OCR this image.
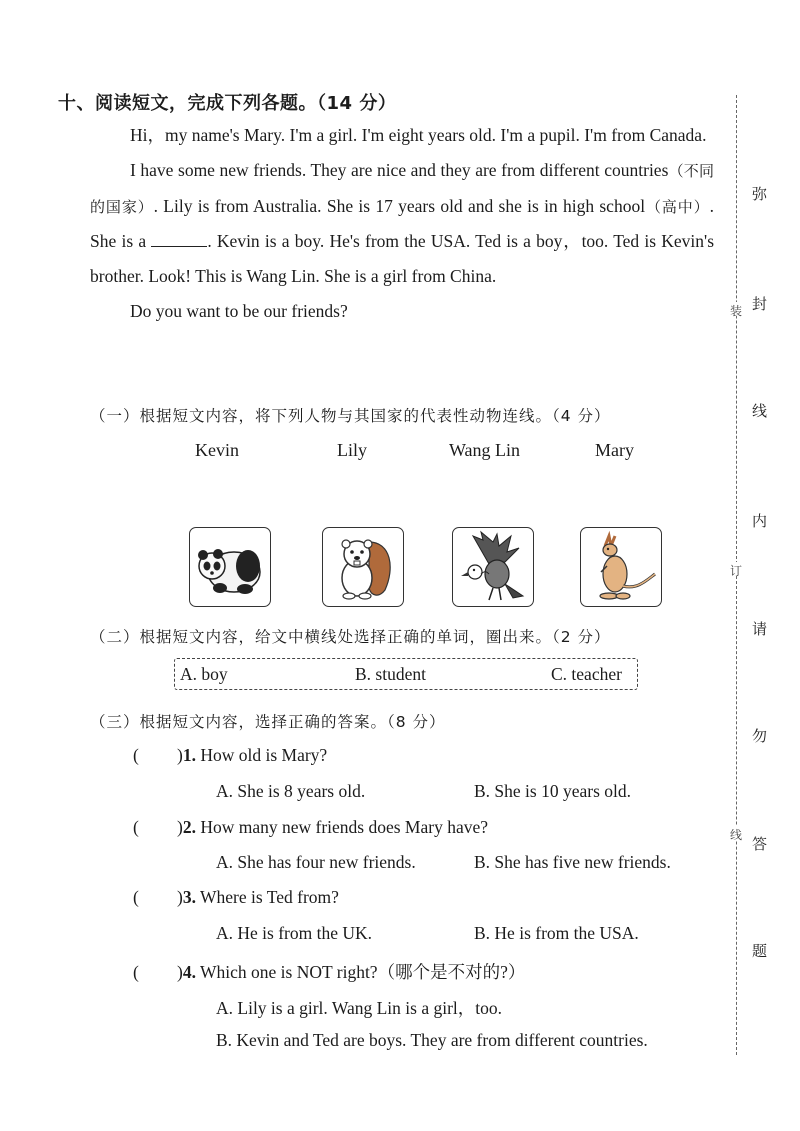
十、阅读短文，完成下列各题。（14 分）

Hi，my name's Mary. I'm a girl. I'm eight years old. I'm a pupil. I'm from Canada.

I have some new friends. They are nice and they are from different countries（不同的国家）. Lily is from Australia. She is 17 years old and she is in high school（高中）. She is a	. Kevin is a boy. He's from the USA. Ted is a boy，too. Ted is Kevin's brother. Look! This is Wang Lin. She is a girl from China.

Do you want to be our friends?

（一）根据短文内容，将下列人物与其国家的代表性动物连线。（4 分）
Kevin	Lily	Wang Lin	Mary
（二）根据短文内容，给文中横线处选择正确的单词，圈出来。（2 分）
A. boy	B. student	C. teacher
（三）根据短文内容，选择正确的答案。（8 分）
( )1. How old is Mary?
A. She is 8 years old.	B. She is 10 years old.
( )2. How many new friends does Mary have?
A. She has four new friends.	B. She has five new friends.
( )3. Where is Ted from?
A. He is from the UK.	B. He is from the USA.
( )4. Which one is NOT right?（哪个是不对的?）
A. Lily is a girl. Wang Lin is a girl，too.
B. Kevin and Ted are boys. They are from different countries.
装
订
线
弥
封
线
内
请
勿
答
题
